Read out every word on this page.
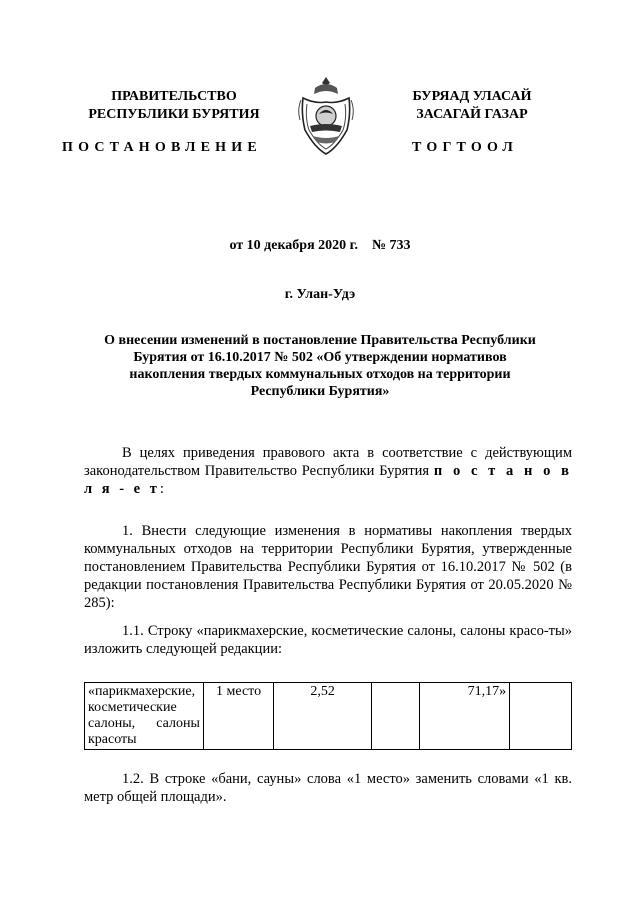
ПРАВИТЕЛЬСТВО
РЕСПУБЛИКИ БУРЯТИЯ
БУРЯАД УЛАСАЙ
ЗАСАГАЙ ГАЗАР
ПОСТАНОВЛЕНИЕ	ТОГТООЛ
от 10 декабря 2020 г.    № 733
г. Улан-Удэ
О внесении изменений в постановление Правительства Республики Бурятия от 16.10.2017 № 502 «Об утверждении нормативов накопления твердых коммунальных отходов на территории Республики Бурятия»
В целях приведения правового акта в соответствие с действующим законодательством Правительство Республики Бурятия п о с т а н о в л я - е т:
1. Внести следующие изменения в нормативы накопления твердых коммунальных отходов на территории Республики Бурятия, утвержденные постановлением Правительства Республики Бурятия от 16.10.2017 № 502 (в редакции постановления Правительства Республики Бурятия от 20.05.2020 № 285):
1.1. Строку «парикмахерские, косметические салоны, салоны красо-ты» изложить следующей редакции:
«парикмахерские, косметические салоны, салоны красоты	1 место	2,52		71,17»	
1.2. В строке «бани, сауны» слова «1 место» заменить словами «1 кв. метр общей площади».
